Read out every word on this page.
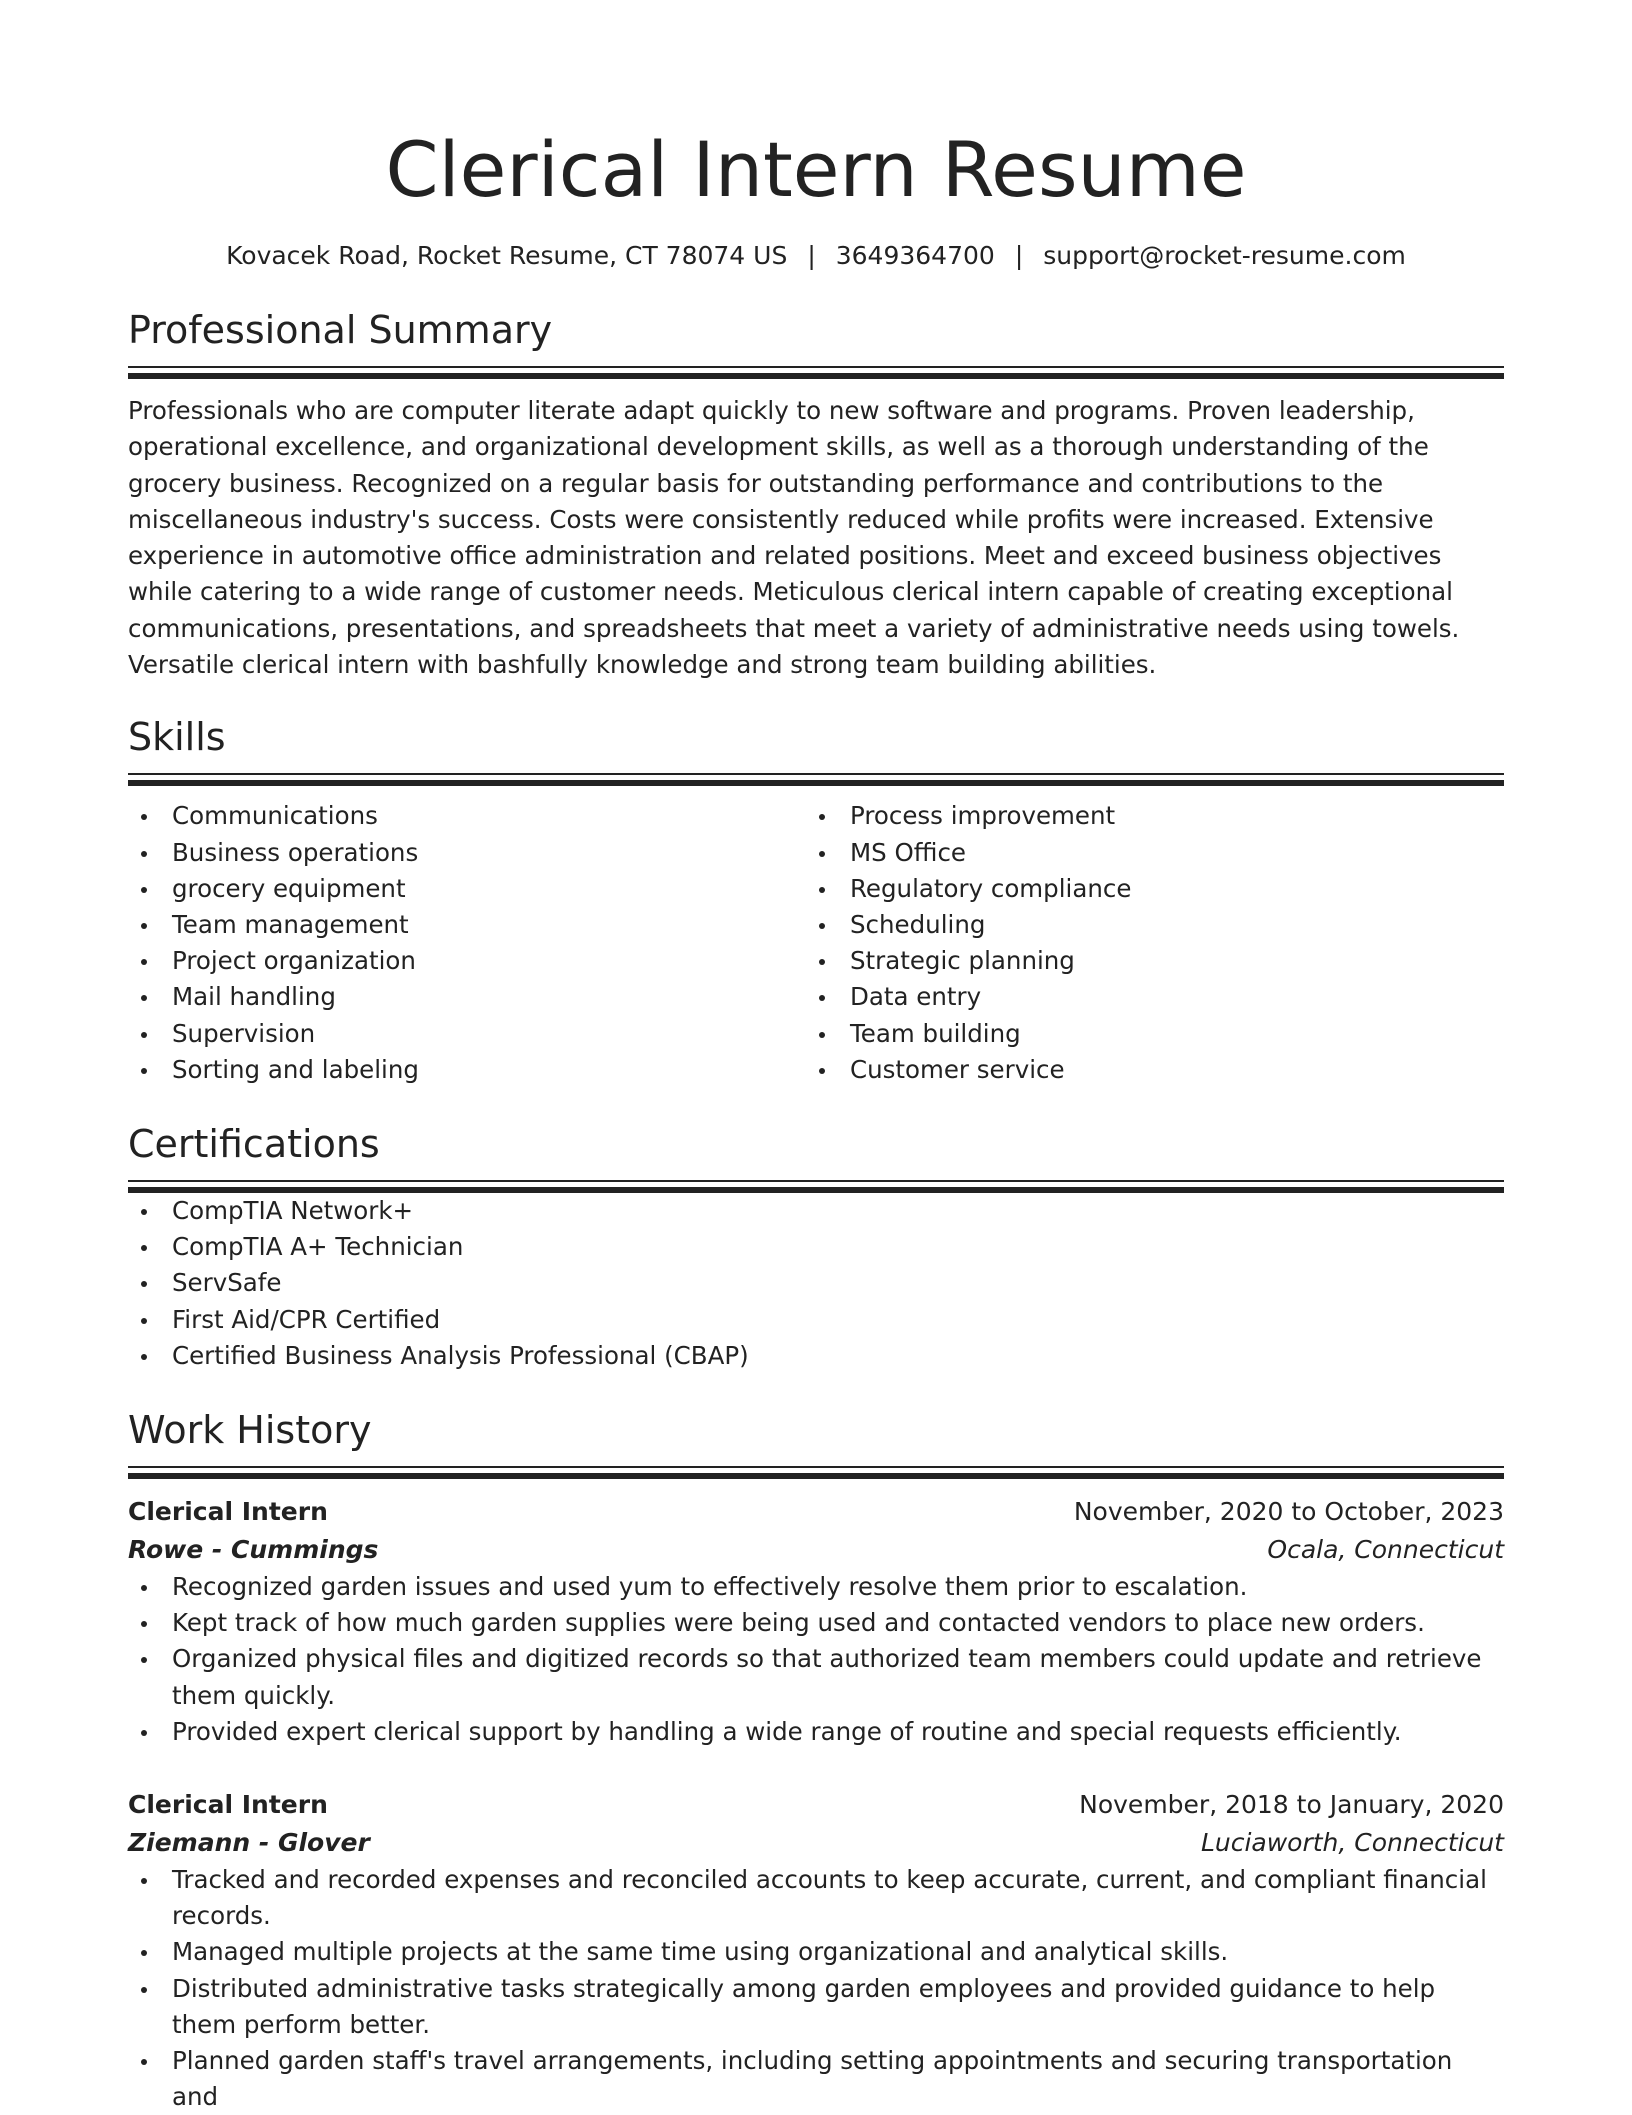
Clerical Intern Resume
Kovacek Road, Rocket Resume, CT 78074 US | 3649364700 | support@rocket-resume.com
Professional Summary

Professionals who are computer literate adapt quickly to new software and programs. Proven leadership, operational excellence, and organizational development skills, as well as a thorough understanding of the grocery business. Recognized on a regular basis for outstanding performance and contributions to the miscellaneous industry's success. Costs were consistently reduced while profits were increased. Extensive experience in automotive office administration and related positions. Meet and exceed business objectives while catering to a wide range of customer needs. Meticulous clerical intern capable of creating exceptional communications, presentations, and spreadsheets that meet a variety of administrative needs using towels. Versatile clerical intern with bashfully knowledge and strong team building abilities.

Skills
Communications
Business operations
grocery equipment
Team management
Project organization
Mail handling
Supervision
Sorting and labeling
Process improvement
MS Office
Regulatory compliance
Scheduling
Strategic planning
Data entry
Team building
Customer service
Certifications
CompTIA Network+
CompTIA A+ Technician
ServSafe
First Aid/CPR Certified
Certified Business Analysis Professional (CBAP)
Work History
Clerical Intern	November, 2020 to October, 2023
Rowe - Cummings	Ocala, Connecticut
Recognized garden issues and used yum to effectively resolve them prior to escalation.
Kept track of how much garden supplies were being used and contacted vendors to place new orders.
Organized physical files and digitized records so that authorized team members could update and retrieve them quickly.
Provided expert clerical support by handling a wide range of routine and special requests efficiently.
Clerical Intern	November, 2018 to January, 2020
Ziemann - Glover	Luciaworth, Connecticut
Tracked and recorded expenses and reconciled accounts to keep accurate, current, and compliant financial records.
Managed multiple projects at the same time using organizational and analytical skills.
Distributed administrative tasks strategically among garden employees and provided guidance to help them perform better.
Planned garden staff's travel arrangements, including setting appointments and securing transportation and
